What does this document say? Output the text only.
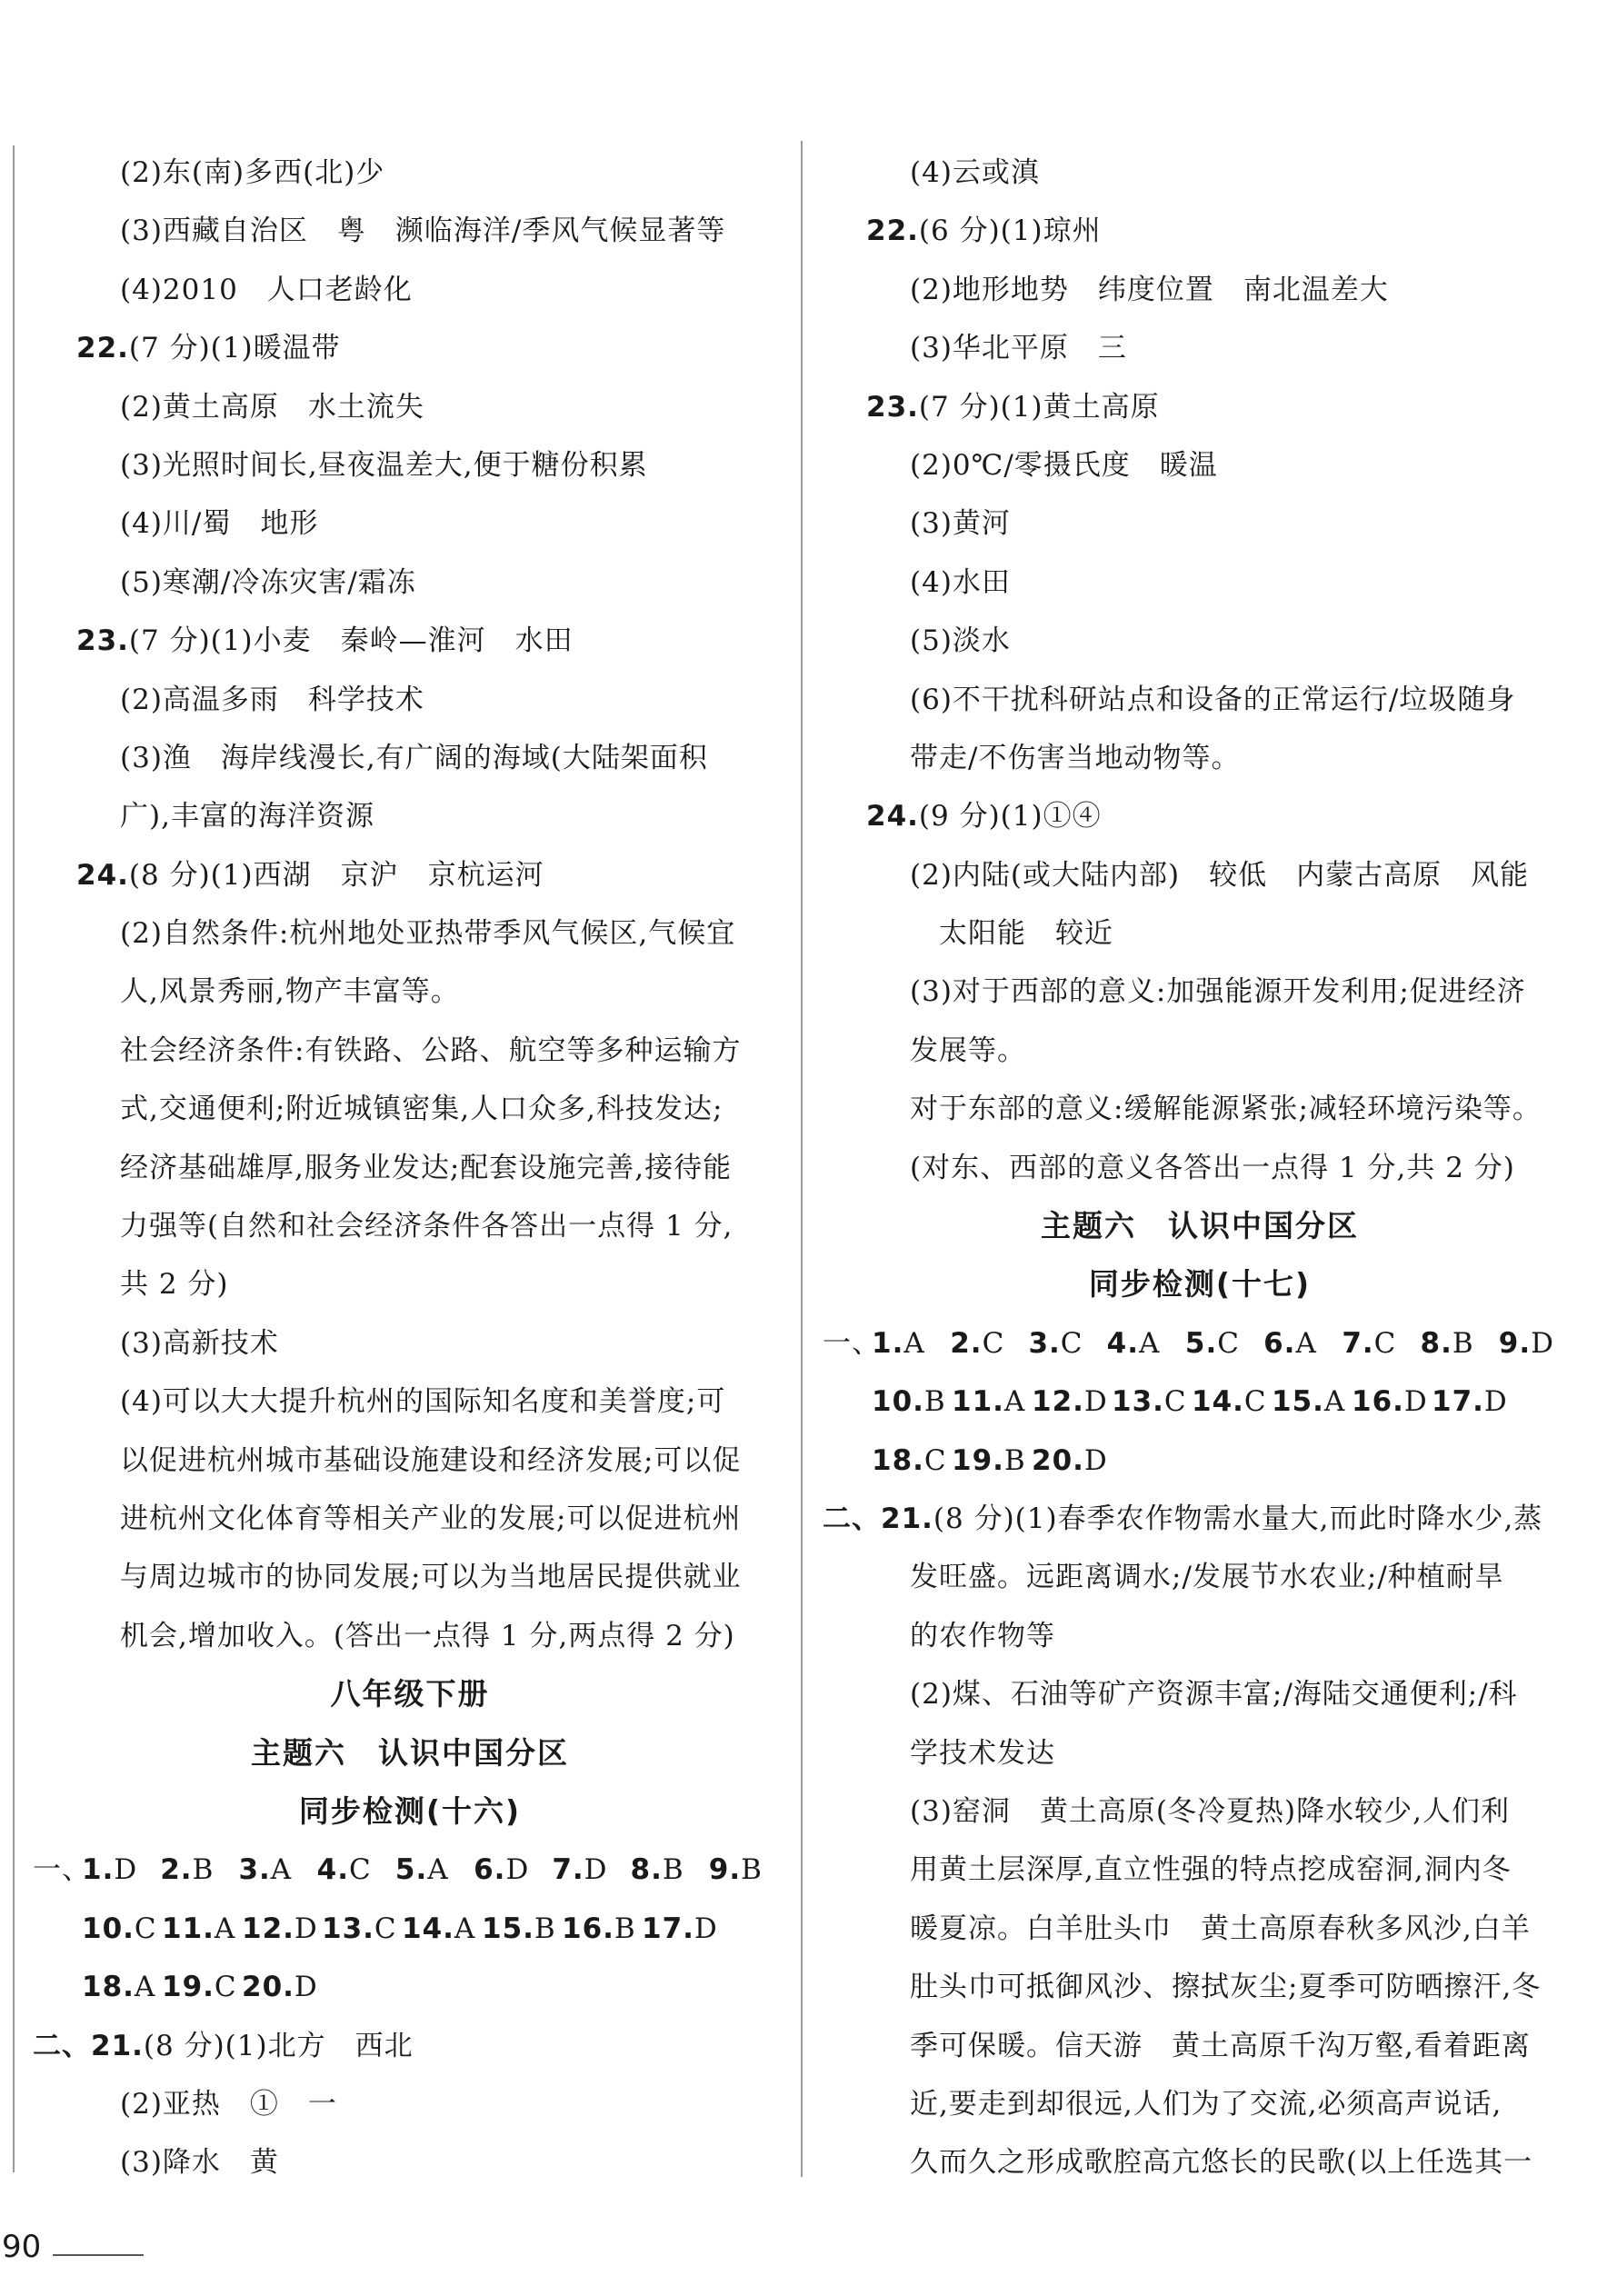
(2)东(南)多西(北)少
(3)西藏自治区　粤　濒临海洋/季风气候显著等
(4)2010　人口老龄化
22.(7 分)(1)暖温带
(2)黄土高原　水土流失
(3)光照时间长,昼夜温差大,便于糖份积累
(4)川/蜀　地形
(5)寒潮/冷冻灾害/霜冻
23.(7 分)(1)小麦　秦岭—淮河　水田
(2)高温多雨　科学技术
(3)渔　海岸线漫长,有广阔的海域(大陆架面积
广),丰富的海洋资源
24.(8 分)(1)西湖　京沪　京杭运河
(2)自然条件:杭州地处亚热带季风气候区,气候宜
人,风景秀丽,物产丰富等。
社会经济条件:有铁路、公路、航空等多种运输方
式,交通便利;附近城镇密集,人口众多,科技发达;
经济基础雄厚,服务业发达;配套设施完善,接待能
力强等(自然和社会经济条件各答出一点得 1 分,
共 2 分)
(3)高新技术
(4)可以大大提升杭州的国际知名度和美誉度;可
以促进杭州城市基础设施建设和经济发展;可以促
进杭州文化体育等相关产业的发展;可以促进杭州
与周边城市的协同发展;可以为当地居民提供就业
机会,增加收入。(答出一点得 1 分,两点得 2 分)
八年级下册
主题六　认识中国分区
同步检测(十六)
一、
1.D 2.B 3.A 4.C 5.A 6.D 7.D 8.B 9.B
10.C 11.A 12.D 13.C 14.A 15.B 16.B 17.D
18.A 19.C 20.D
二、21.(8 分)(1)北方　西北
(2)亚热　①　一
(3)降水　黄
(4)云或滇
22.(6 分)(1)琼州
(2)地形地势　纬度位置　南北温差大
(3)华北平原　三
23.(7 分)(1)黄土高原
(2)0℃/零摄氏度　暖温
(3)黄河
(4)水田
(5)淡水
(6)不干扰科研站点和设备的正常运行/垃圾随身
带走/不伤害当地动物等。
24.(9 分)(1)①④
(2)内陆(或大陆内部)　较低　内蒙古高原　风能
太阳能　较近
(3)对于西部的意义:加强能源开发利用;促进经济
发展等。
对于东部的意义:缓解能源紧张;减轻环境污染等。
(对东、西部的意义各答出一点得 1 分,共 2 分)
主题六　认识中国分区
同步检测(十七)
一、
1.A 2.C 3.C 4.A 5.C 6.A 7.C 8.B 9.D
10.B 11.A 12.D 13.C 14.C 15.A 16.D 17.D
18.C 19.B 20.D
二、21.(8 分)(1)春季农作物需水量大,而此时降水少,蒸
发旺盛。远距离调水;/发展节水农业;/种植耐旱
的农作物等
(2)煤、石油等矿产资源丰富;/海陆交通便利;/科
学技术发达
(3)窑洞　黄土高原(冬冷夏热)降水较少,人们利
用黄土层深厚,直立性强的特点挖成窑洞,洞内冬
暖夏凉。白羊肚头巾　黄土高原春秋多风沙,白羊
肚头巾可抵御风沙、擦拭灰尘;夏季可防晒擦汗,冬
季可保暖。信天游　黄土高原千沟万壑,看着距离
近,要走到却很远,人们为了交流,必须高声说话,
久而久之形成歌腔高亢悠长的民歌(以上任选其一
90
